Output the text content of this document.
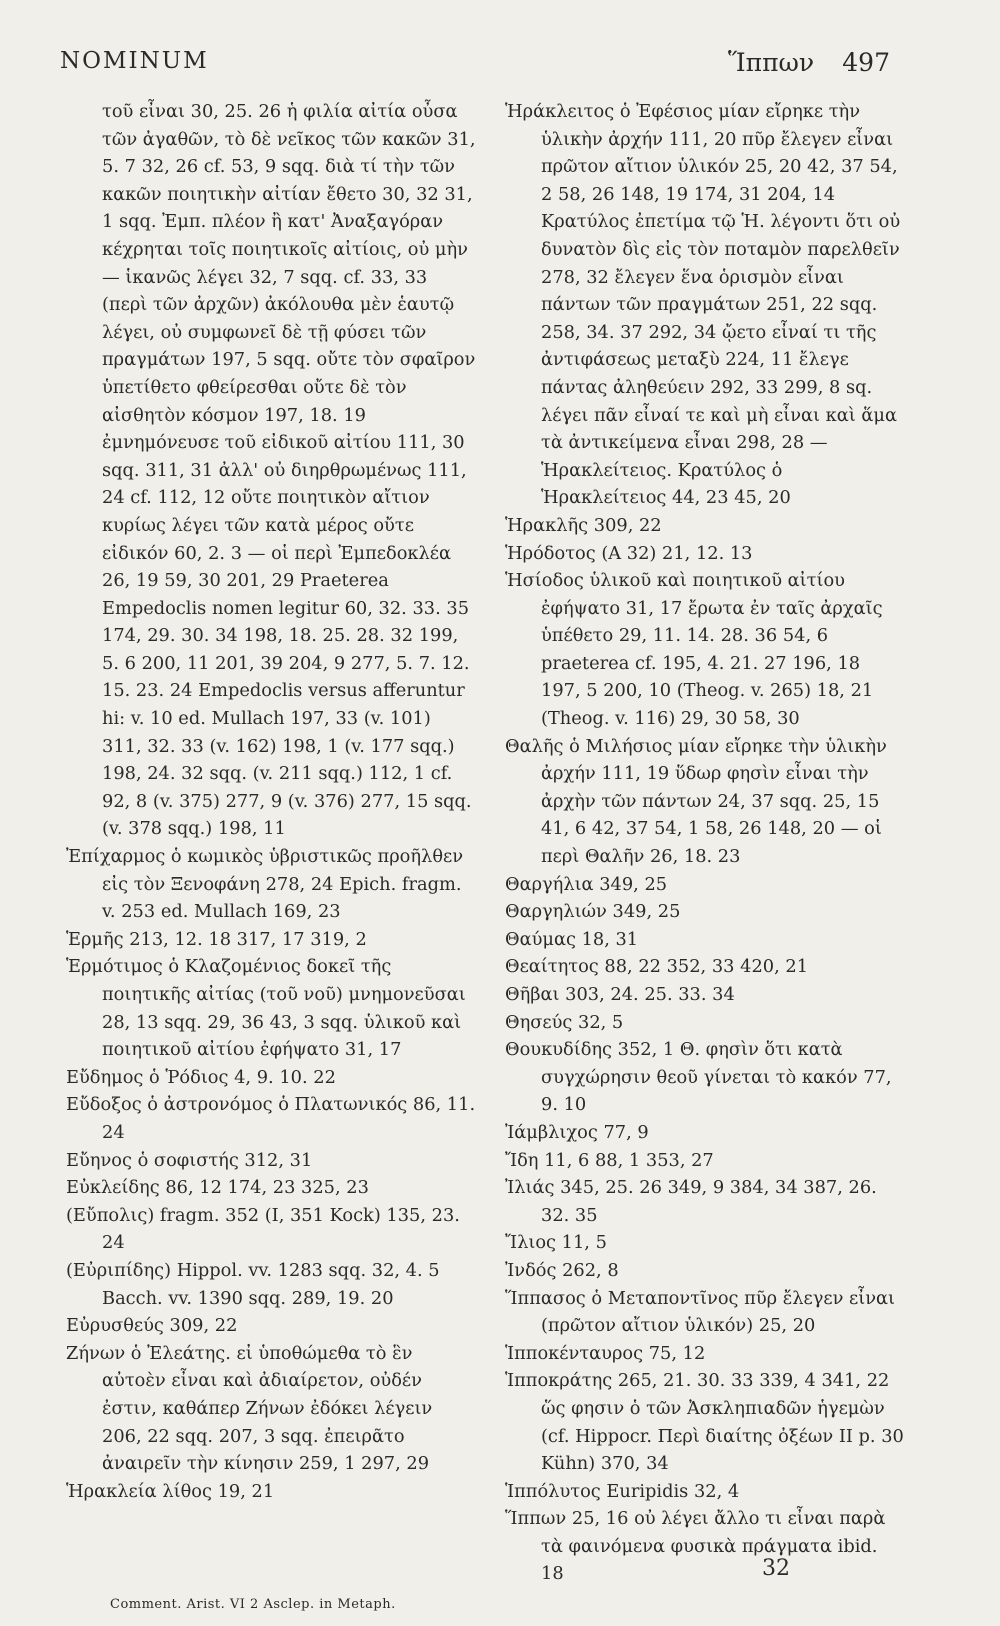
NOMINUM	Ἵππων 497

τοῦ εἶναι 30, 25. 26 ἡ φιλία αἰτία οὖσα τῶν ἀγαθῶν, τὸ δὲ νεῖκος τῶν κακῶν 31, 5. 7 32, 26 cf. 53, 9 sqq. διὰ τί τὴν τῶν κακῶν ποιητικὴν αἰτίαν ἔθετο 30, 32 31, 1 sqq. Ἐμπ. πλέον ἢ κατ' Ἀναξαγόραν κέχρηται τοῖς ποιητικοῖς αἰτίοις, οὐ μὴν — ἱκανῶς λέγει 32, 7 sqq. cf. 33, 33 (περὶ τῶν ἀρχῶν) ἀκόλουθα μὲν ἑαυτῷ λέγει, οὐ συμφωνεῖ δὲ τῇ φύσει τῶν πραγμάτων 197, 5 sqq. οὔτε τὸν σφαῖρον ὑπετίθετο φθείρεσθαι οὔτε δὲ τὸν αἰσθητὸν κόσμον 197, 18. 19 ἐμνημόνευσε τοῦ εἰδικοῦ αἰτίου 111, 30 sqq. 311, 31 ἀλλ' οὐ διηρθρωμένως 111, 24 cf. 112, 12 οὔτε ποιητικὸν αἴτιον κυρίως λέγει τῶν κατὰ μέρος οὔτε εἰδικόν 60, 2. 3 — οἱ περὶ Ἐμπεδοκλέα 26, 19 59, 30 201, 29 Praeterea Empedoclis nomen legitur 60, 32. 33. 35 174, 29. 30. 34 198, 18. 25. 28. 32 199, 5. 6 200, 11 201, 39 204, 9 277, 5. 7. 12. 15. 23. 24 Empedoclis versus afferuntur hi: v. 10 ed. Mullach 197, 33 (v. 101) 311, 32. 33 (v. 162) 198, 1 (v. 177 sqq.) 198, 24. 32 sqq. (v. 211 sqq.) 112, 1 cf. 92, 8 (v. 375) 277, 9 (v. 376) 277, 15 sqq. (v. 378 sqq.) 198, 11

Ἐπίχαρμος ὁ κωμικὸς ὑβριστικῶς προῆλθεν εἰς τὸν Ξενοφάνη 278, 24 Epich. fragm. v. 253 ed. Mullach 169, 23

Ἑρμῆς 213, 12. 18 317, 17 319, 2

Ἑρμότιμος ὁ Κλαζομένιος δοκεῖ τῆς ποιητικῆς αἰτίας (τοῦ νοῦ) μνημονεῦσαι 28, 13 sqq. 29, 36 43, 3 sqq. ὑλικοῦ καὶ ποιητικοῦ αἰτίου ἐφήψατο 31, 17

Εὔδημος ὁ Ῥόδιος 4, 9. 10. 22

Εὔδοξος ὁ ἀστρονόμος ὁ Πλατωνικός 86, 11. 24

Εὔηνος ὁ σοφιστής 312, 31

Εὐκλείδης 86, 12 174, 23 325, 23

(Εὔπολις) fragm. 352 (I, 351 Kock) 135, 23. 24

(Εὐριπίδης) Hippol. vv. 1283 sqq. 32, 4. 5 Bacch. vv. 1390 sqq. 289, 19. 20

Εὐρυσθεύς 309, 22

Ζήνων ὁ Ἐλεάτης. εἰ ὑποθώμεθα τὸ ἓν αὐτοὲν εἶναι καὶ ἀδιαίρετον, οὐδέν ἐστιν, καθάπερ Ζήνων ἐδόκει λέγειν 206, 22 sqq. 207, 3 sqq. ἐπειρᾶτο ἀναιρεῖν τὴν κίνησιν 259, 1 297, 29

Ἡρακλεία λίθος 19, 21

Ἡράκλειτος ὁ Ἐφέσιος μίαν εἴρηκε τὴν ὑλικὴν ἀρχήν 111, 20 πῦρ ἔλεγεν εἶναι πρῶτον αἴτιον ὑλικόν 25, 20 42, 37 54, 2 58, 26 148, 19 174, 31 204, 14 Κρατύλος ἐπετίμα τῷ Ἡ. λέγοντι ὅτι οὐ δυνατὸν δὶς εἰς τὸν ποταμὸν παρελθεῖν 278, 32 ἔλεγεν ἕνα ὁρισμὸν εἶναι πάντων τῶν πραγμάτων 251, 22 sqq. 258, 34. 37 292, 34 ᾤετο εἶναί τι τῆς ἀντιφάσεως μεταξὺ 224, 11 ἔλεγε πάντας ἀληθεύειν 292, 33 299, 8 sq. λέγει πᾶν εἶναί τε καὶ μὴ εἶναι καὶ ἅμα τὰ ἀντικείμενα εἶναι 298, 28 — Ἡρακλείτειος. Κρατύλος ὁ Ἡρακλείτειος 44, 23 45, 20

Ἡρακλῆς 309, 22

Ἡρόδοτος (A 32) 21, 12. 13

Ἡσίοδος ὑλικοῦ καὶ ποιητικοῦ αἰτίου ἐφήψατο 31, 17 ἔρωτα ἐν ταῖς ἀρχαῖς ὑπέθετο 29, 11. 14. 28. 36 54, 6 praeterea cf. 195, 4. 21. 27 196, 18 197, 5 200, 10 (Theog. v. 265) 18, 21 (Theog. v. 116) 29, 30 58, 30

Θαλῆς ὁ Μιλήσιος μίαν εἴρηκε τὴν ὑλικὴν ἀρχήν 111, 19 ὕδωρ φησὶν εἶναι τὴν ἀρχὴν τῶν πάντων 24, 37 sqq. 25, 15 41, 6 42, 37 54, 1 58, 26 148, 20 — οἱ περὶ Θαλῆν 26, 18. 23

Θαργήλια 349, 25

Θαργηλιών 349, 25

Θαύμας 18, 31

Θεαίτητος 88, 22 352, 33 420, 21

Θῆβαι 303, 24. 25. 33. 34

Θησεύς 32, 5

Θουκυδίδης 352, 1 Θ. φησὶν ὅτι κατὰ συγχώρησιν θεοῦ γίνεται τὸ κακόν 77, 9. 10

Ἰάμβλιχος 77, 9

Ἴδη 11, 6 88, 1 353, 27

Ἰλιάς 345, 25. 26 349, 9 384, 34 387, 26. 32. 35

Ἴλιος 11, 5

Ἰνδός 262, 8

Ἵππασος ὁ Μεταποντῖνος πῦρ ἔλεγεν εἶναι (πρῶτον αἴτιον ὑλικόν) 25, 20

Ἱπποκένταυρος 75, 12

Ἱπποκράτης 265, 21. 30. 33 339, 4 341, 22 ὥς φησιν ὁ τῶν Ἀσκληπιαδῶν ἡγεμὼν (cf. Hippocr. Περὶ διαίτης ὀξέων II p. 30 Kühn) 370, 34

Ἱππόλυτος Euripidis 32, 4

Ἵππων 25, 16 οὐ λέγει ἄλλο τι εἶναι παρὰ τὰ φαινόμενα φυσικὰ πράγματα ibid. 18	32
Comment. Arist. VI 2 Asclep. in Metaph.
